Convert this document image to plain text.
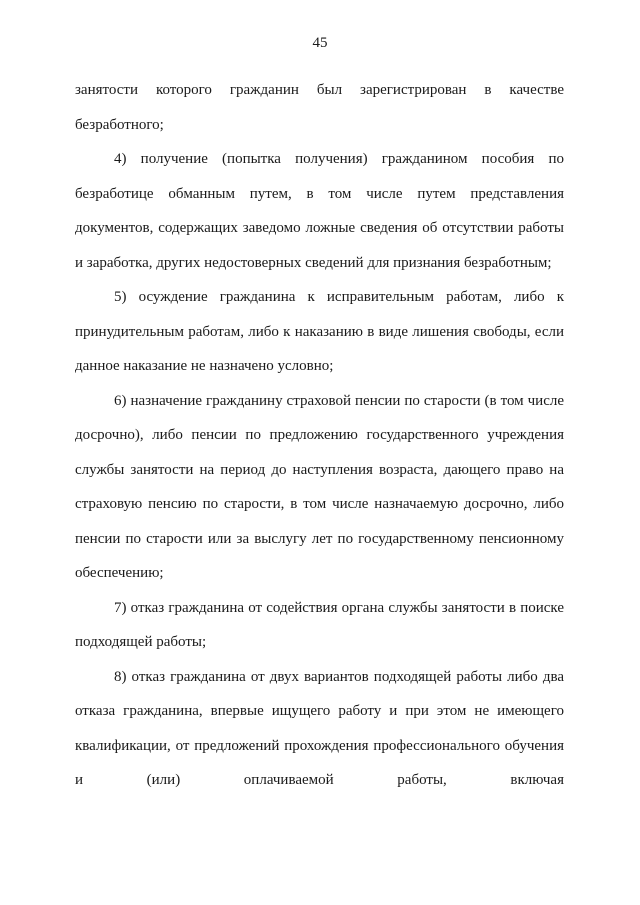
45

занятости которого гражданин был зарегистрирован в качестве безработного;

4) получение (попытка получения) гражданином пособия по безработице обманным путем, в том числе путем представления документов, содержащих заведомо ложные сведения об отсутствии работы и заработка, других недостоверных сведений для признания безработным;

5) осуждение гражданина к исправительным работам, либо к принудительным работам, либо к наказанию в виде лишения свободы, если данное наказание не назначено условно;

6) назначение гражданину страховой пенсии по старости (в том числе досрочно), либо пенсии по предложению государственного учреждения службы занятости на период до наступления возраста, дающего право на страховую пенсию по старости, в том числе назначаемую досрочно, либо пенсии по старости или за выслугу лет по государственному пенсионному обеспечению;

7) отказ гражданина от содействия органа службы занятости в поиске подходящей работы;

8) отказ гражданина от двух вариантов подходящей работы либо два отказа гражданина, впервые ищущего работу и при этом не имеющего квалификации, от предложений прохождения профессионального обучения и (или) оплачиваемой работы, включая
